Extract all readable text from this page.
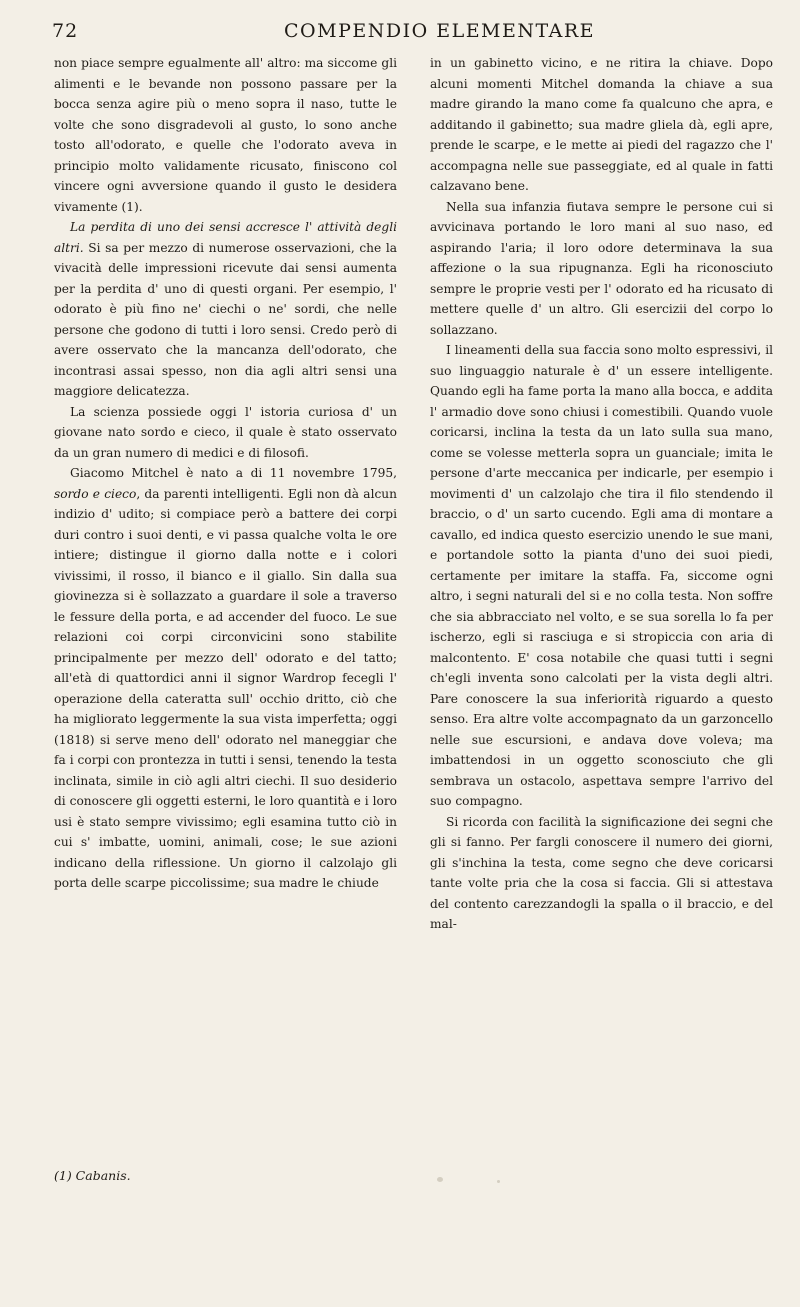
72	COMPENDIO ELEMENTARE

non piace sempre egualmente all' altro: ma siccome gli alimenti e le bevande non possono passare per la bocca senza agire più o meno sopra il naso, tutte le volte che sono disgradevoli al gusto, lo sono anche tosto all'odorato, e quelle che l'odorato aveva in principio molto validamente ricusato, finiscono col vincere ogni avversione quando il gusto le desidera vivamente (1).

La perdita di uno dei sensi accresce l' attività degli altri. Si sa per mezzo di numerose osservazioni, che la vivacità delle impressioni ricevute dai sensi aumenta per la perdita d' uno di questi organi. Per esempio, l' odorato è più fino ne' ciechi o ne' sordi, che nelle persone che godono di tutti i loro sensi. Credo però di avere osservato che la mancanza dell'odorato, che incontrasi assai spesso, non dia agli altri sensi una maggiore delicatezza.

La scienza possiede oggi l' istoria curiosa d' un giovane nato sordo e cieco, il quale è stato osservato da un gran numero di medici e di filosofi.

Giacomo Mitchel è nato a di 11 novembre 1795, sordo e cieco, da parenti intelligenti. Egli non dà alcun indizio d' udito; si compiace però a battere dei corpi duri contro i suoi denti, e vi passa qualche volta le ore intiere; distingue il giorno dalla notte e i colori vivissimi, il rosso, il bianco e il giallo. Sin dalla sua giovinezza si è sollazzato a guardare il sole a traverso le fessure della porta, e ad accender del fuoco. Le sue relazioni coi corpi circonvicini sono stabilite principalmente per mezzo dell' odorato e del tatto; all'età di quattordici anni il signor Wardrop fecegli l' operazione della cateratta sull' occhio dritto, ciò che ha migliorato leggermente la sua vista imperfetta; oggi (1818) si serve meno dell' odorato nel maneggiar che fa i corpi con prontezza in tutti i sensi, tenendo la testa inclinata, simile in ciò agli altri ciechi. Il suo desiderio di conoscere gli oggetti esterni, le loro quantità e i loro usi è stato sempre vivissimo; egli esamina tutto ciò in cui s' imbatte, uomini, animali, cose; le sue azioni indicano della riflessione. Un giorno il calzolajo gli porta delle scarpe piccolissime; sua madre le chiude

in un gabinetto vicino, e ne ritira la chiave. Dopo alcuni momenti Mitchel domanda la chiave a sua madre girando la mano come fa qualcuno che apra, e additando il gabinetto; sua madre gliela dà, egli apre, prende le scarpe, e le mette ai piedi del ragazzo che l' accompagna nelle sue passeggiate, ed al quale in fatti calzavano bene.

Nella sua infanzia fiutava sempre le persone cui si avvicinava portando le loro mani al suo naso, ed aspirando l'aria; il loro odore determinava la sua affezione o la sua ripugnanza. Egli ha riconosciuto sempre le proprie vesti per l' odorato ed ha ricusato di mettere quelle d' un altro. Gli esercizii del corpo lo sollazzano.

I lineamenti della sua faccia sono molto espressivi, il suo linguaggio naturale è d' un essere intelligente. Quando egli ha fame porta la mano alla bocca, e addita l' armadio dove sono chiusi i comestibili. Quando vuole coricarsi, inclina la testa da un lato sulla sua mano, come se volesse metterla sopra un guanciale; imita le persone d'arte meccanica per indicarle, per esempio i movimenti d' un calzolajo che tira il filo stendendo il braccio, o d' un sarto cucendo. Egli ama di montare a cavallo, ed indica questo esercizio unendo le sue mani, e portandole sotto la pianta d'uno dei suoi piedi, certamente per imitare la staffa. Fa, siccome ogni altro, i segni naturali del si e no colla testa. Non soffre che sia abbracciato nel volto, e se sua sorella lo fa per ischerzo, egli si rasciuga e si stropiccia con aria di malcontento. E' cosa notabile che quasi tutti i segni ch'egli inventa sono calcolati per la vista degli altri. Pare conoscere la sua inferiorità riguardo a questo senso. Era altre volte accompagnato da un garzoncello nelle sue escursioni, e andava dove voleva; ma imbattendosi in un oggetto sconosciuto che gli sembrava un ostacolo, aspettava sempre l'arrivo del suo compagno.

Si ricorda con facilità la significazione dei segni che gli si fanno. Per fargli conoscere il numero dei giorni, gli s'inchina la testa, come segno che deve coricarsi tante volte pria che la cosa si faccia. Gli si attestava del contento carezzandogli la spalla o il braccio, e del mal-

(1) Cabanis.
